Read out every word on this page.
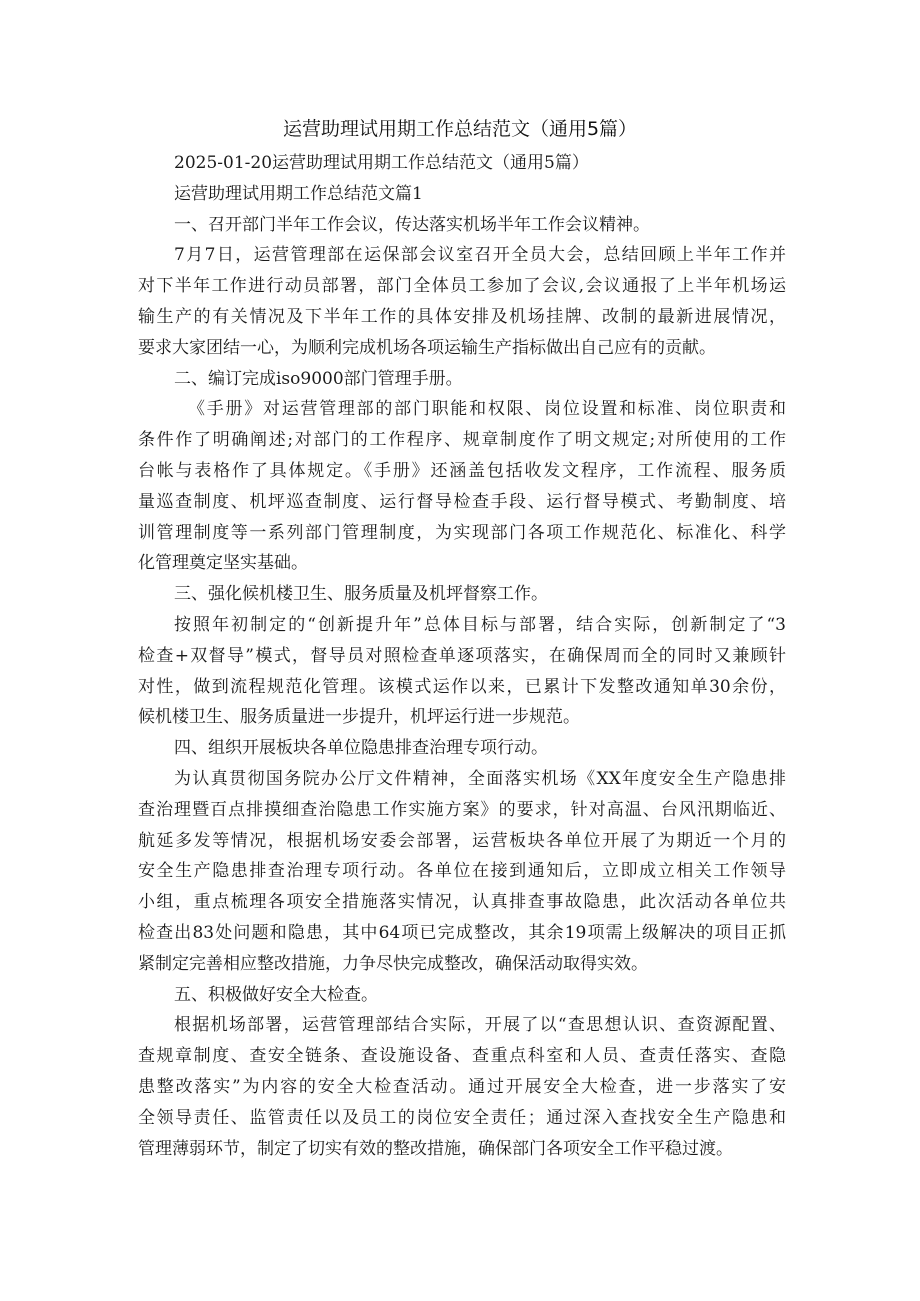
运营助理试用期工作总结范文（通用5篇）
2025-01-20运营助理试用期工作总结范文（通用5篇）
运营助理试用期工作总结范文篇1
一、召开部门半年工作会议，传达落实机场半年工作会议精神。
7月7日，运营管理部在运保部会议室召开全员大会，总结回顾上半年工作并
对下半年工作进行动员部署，部门全体员工参加了会议,会议通报了上半年机场运
输生产的有关情况及下半年工作的具体安排及机场挂牌、改制的最新进展情况，
要求大家团结一心，为顺利完成机场各项运输生产指标做出自己应有的贡献。
二、编订完成iso9000部门管理手册。
《手册》对运营管理部的部门职能和权限、岗位设置和标准、岗位职责和
条件作了明确阐述;对部门的工作程序、规章制度作了明文规定;对所使用的工作
台帐与表格作了具体规定。《手册》还涵盖包括收发文程序，工作流程、服务质
量巡查制度、机坪巡查制度、运行督导检查手段、运行督导模式、考勤制度、培
训管理制度等一系列部门管理制度，为实现部门各项工作规范化、标准化、科学
化管理奠定坚实基础。
三、强化候机楼卫生、服务质量及机坪督察工作。
按照年初制定的“创新提升年”总体目标与部署，结合实际，创新制定了“3
检查+双督导”模式，督导员对照检查单逐项落实，在确保周而全的同时又兼顾针
对性，做到流程规范化管理。该模式运作以来，已累计下发整改通知单30余份，
候机楼卫生、服务质量进一步提升，机坪运行进一步规范。
四、组织开展板块各单位隐患排查治理专项行动。
为认真贯彻国务院办公厅文件精神，全面落实机场《XX年度安全生产隐患排
查治理暨百点排摸细查治隐患工作实施方案》的要求，针对高温、台风汛期临近、
航延多发等情况，根据机场安委会部署，运营板块各单位开展了为期近一个月的
安全生产隐患排查治理专项行动。各单位在接到通知后，立即成立相关工作领导
小组，重点梳理各项安全措施落实情况，认真排查事故隐患，此次活动各单位共
检查出83处问题和隐患，其中64项已完成整改，其余19项需上级解决的项目正抓
紧制定完善相应整改措施，力争尽快完成整改，确保活动取得实效。
五、积极做好安全大检查。
根据机场部署，运营管理部结合实际，开展了以“查思想认识、查资源配置、
查规章制度、查安全链条、查设施设备、查重点科室和人员、查责任落实、查隐
患整改落实”为内容的安全大检查活动。通过开展安全大检查，进一步落实了安
全领导责任、监管责任以及员工的岗位安全责任；通过深入查找安全生产隐患和
管理薄弱环节，制定了切实有效的整改措施，确保部门各项安全工作平稳过渡。
